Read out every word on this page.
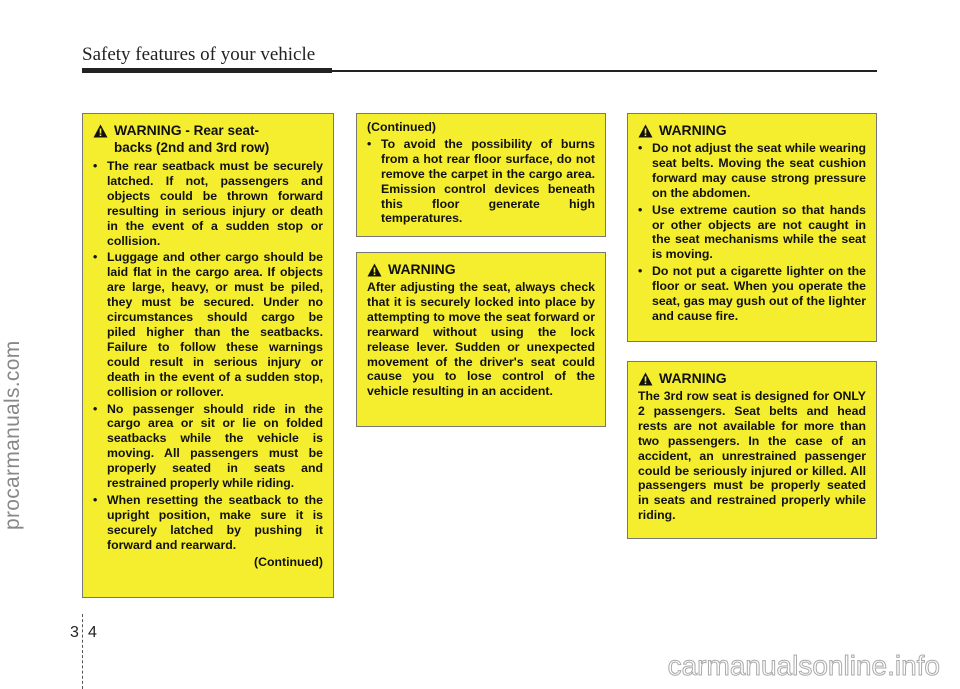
Safety features of your vehicle
procarmanuals.com
WARNING - Rear seat-
backs (2nd and 3rd row)
• The rear seatback must be securely latched. If not, passengers and objects could be thrown forward resulting in serious injury or death in the event of a sudden stop or collision.
• Luggage and other cargo should be laid flat in the cargo area. If objects are large, heavy, or must be piled, they must be secured. Under no circumstances should cargo be piled higher than the seatbacks. Failure to follow these warnings could result in serious injury or death in the event of a sudden stop, collision or rollover.
• No passenger should ride in the cargo area or sit or lie on folded seatbacks while the vehicle is moving. All passengers must be properly seated in seats and restrained properly while riding.
• When resetting the seatback to the upright position, make sure it is securely latched by pushing it forward and rearward.
(Continued)
(Continued)
• To avoid the possibility of burns from a hot rear floor surface, do not remove the carpet in the cargo area. Emission control devices beneath this floor generate high temperatures.
WARNING
After adjusting the seat, always check that it is securely locked into place by attempting to move the seat forward or rearward without using the lock release lever. Sudden or unexpected movement of the driver's seat could cause you to lose control of the vehicle resulting in an accident.
WARNING
• Do not adjust the seat while wearing seat belts. Moving the seat cushion forward may cause strong pressure on the abdomen.
• Use extreme caution so that hands or other objects are not caught in the seat mechanisms while the seat is moving.
• Do not put a cigarette lighter on the floor or seat. When you operate the seat, gas may gush out of the lighter and cause fire.
WARNING
The 3rd row seat is designed for ONLY 2 passengers. Seat belts and head rests are not available for more than two passengers. In the case of an accident, an unrestrained passenger could be seriously injured or killed. All passengers must be properly seated in seats and restrained properly while riding.
3 4
carmanualsonline.info
